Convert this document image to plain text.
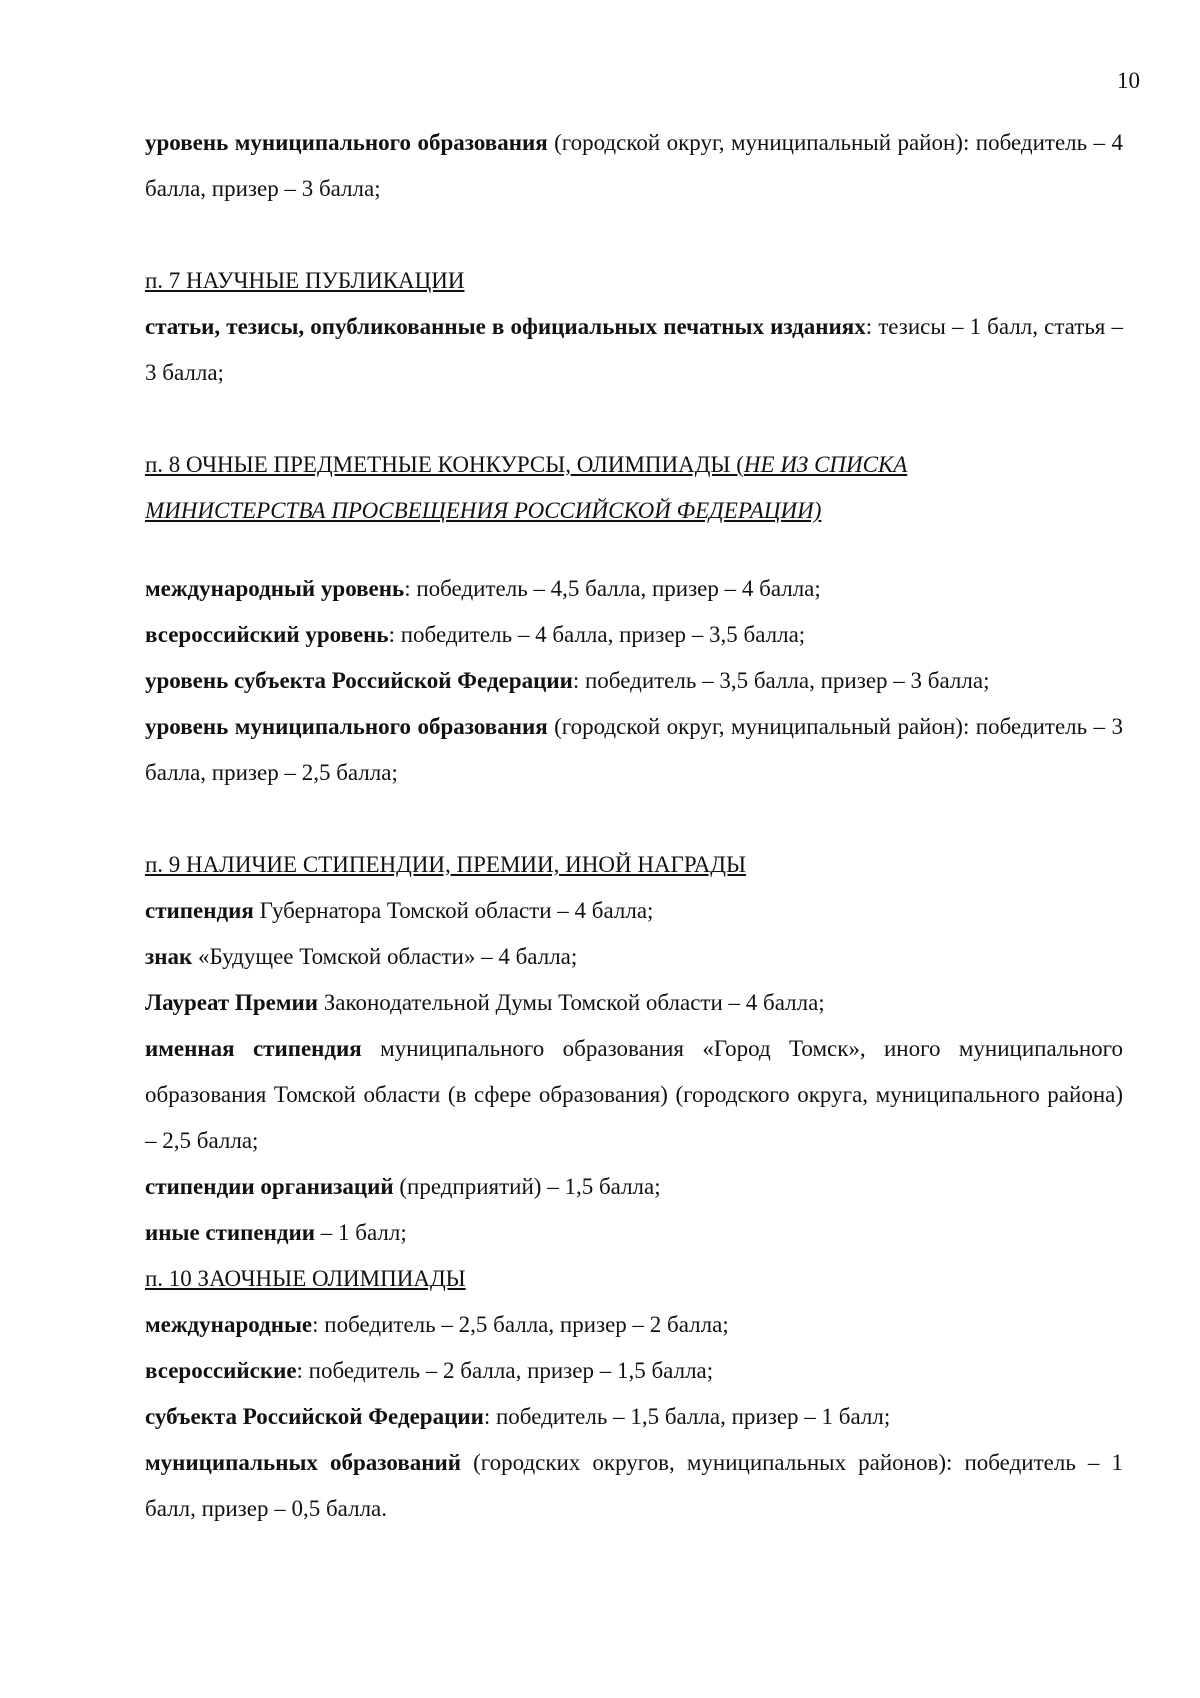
10

уровень муниципального образования (городской округ, муниципальный район): победитель – 4 балла, призер – 3 балла;

п. 7 НАУЧНЫЕ ПУБЛИКАЦИИ

статьи, тезисы, опубликованные в официальных печатных изданиях: тезисы – 1 балл, статья – 3 балла;

п. 8 ОЧНЫЕ ПРЕДМЕТНЫЕ КОНКУРСЫ, ОЛИМПИАДЫ (НЕ ИЗ СПИСКА

МИНИСТЕРСТВА ПРОСВЕЩЕНИЯ РОССИЙСКОЙ ФЕДЕРАЦИИ)

международный уровень: победитель – 4,5 балла, призер – 4 балла;

всероссийский уровень: победитель – 4 балла, призер – 3,5 балла;

уровень субъекта Российской Федерации: победитель – 3,5 балла, призер – 3 балла;

уровень муниципального образования (городской округ, муниципальный район): победитель – 3 балла, призер – 2,5 балла;

п. 9 НАЛИЧИЕ СТИПЕНДИИ, ПРЕМИИ, ИНОЙ НАГРАДЫ

стипендия Губернатора Томской области – 4 балла;

знак «Будущее Томской области» – 4 балла;

Лауреат Премии Законодательной Думы Томской области – 4 балла;

именная стипендия муниципального образования «Город Томск», иного муниципального образования Томской области (в сфере образования) (городского округа, муниципального района) – 2,5 балла;

стипендии организаций (предприятий) – 1,5 балла;

иные стипендии – 1 балл;

п. 10 ЗАОЧНЫЕ ОЛИМПИАДЫ

международные: победитель – 2,5 балла, призер – 2 балла;

всероссийские: победитель – 2 балла, призер – 1,5 балла;

субъекта Российской Федерации: победитель – 1,5 балла, призер – 1 балл;

муниципальных образований (городских округов, муниципальных районов): победитель – 1 балл, призер – 0,5 балла.
